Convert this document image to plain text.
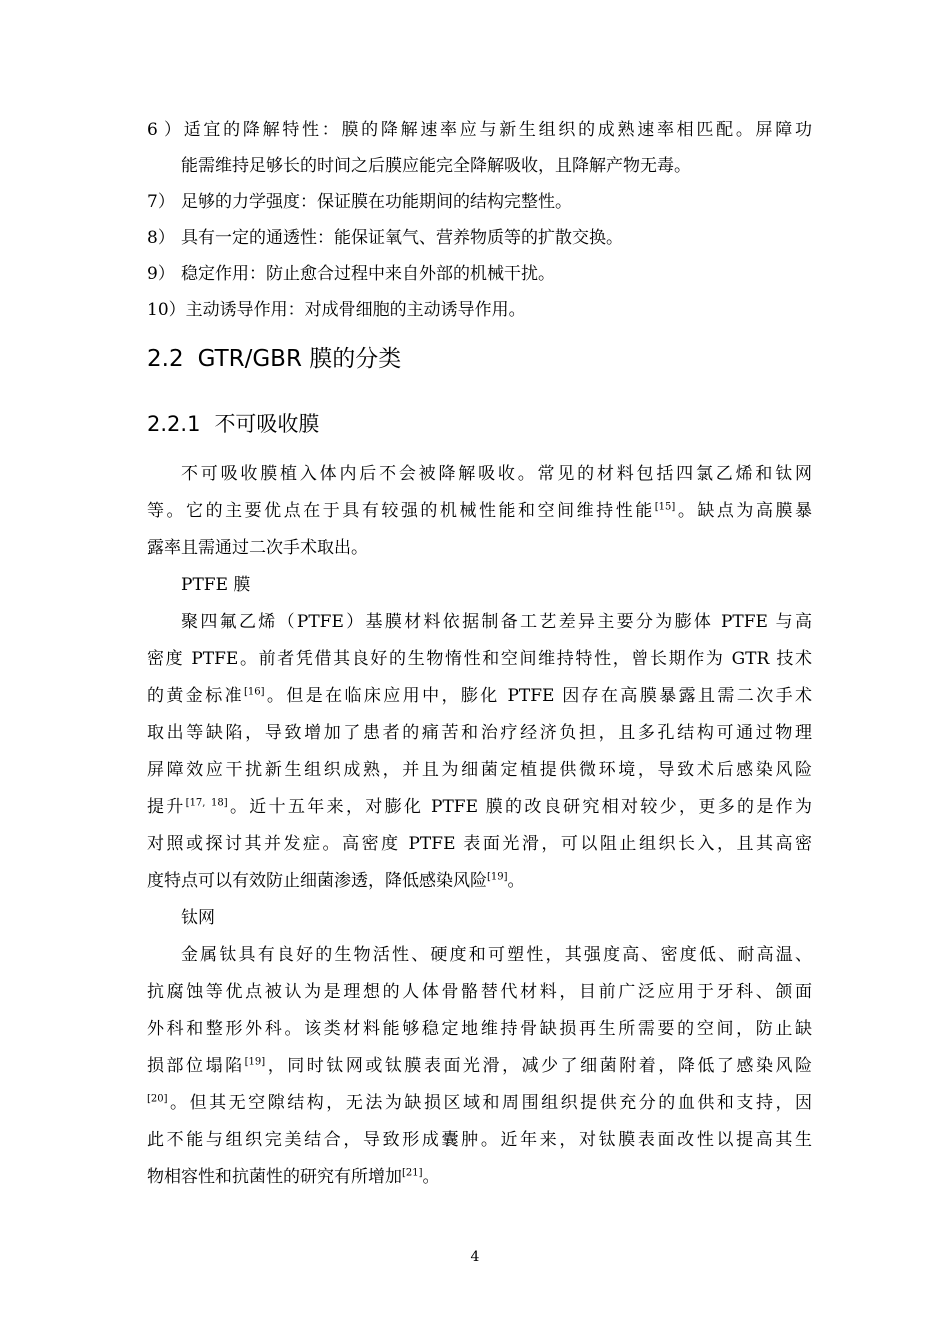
6）适宜的降解特性：膜的降解速率应与新生组织的成熟速率相匹配。屏障功
能需维持足够长的时间之后膜应能完全降解吸收，且降解产物无毒。
7） 足够的力学强度：保证膜在功能期间的结构完整性。
8） 具有一定的通透性：能保证氧气、营养物质等的扩散交换。
9） 稳定作用：防止愈合过程中来自外部的机械干扰。
10）主动诱导作用：对成骨细胞的主动诱导作用。
2.2 GTR/GBR 膜的分类
2.2.1 不可吸收膜
不可吸收膜植入体内后不会被降解吸收。常见的材料包括四氯乙烯和钛网
等。它的主要优点在于具有较强的机械性能和空间维持性能[15]。缺点为高膜暴
露率且需通过二次手术取出。
PTFE 膜
聚四氟乙烯（PTFE）基膜材料依据制备工艺差异主要分为膨体 PTFE 与高
密度 PTFE。前者凭借其良好的生物惰性和空间维持特性，曾长期作为 GTR 技术
的黄金标准[16]。但是在临床应用中，膨化 PTFE 因存在高膜暴露且需二次手术
取出等缺陷，导致增加了患者的痛苦和治疗经济负担，且多孔结构可通过物理
屏障效应干扰新生组织成熟，并且为细菌定植提供微环境，导致术后感染风险
提升[17, 18]。近十五年来，对膨化 PTFE 膜的改良研究相对较少，更多的是作为
对照或探讨其并发症。高密度 PTFE 表面光滑，可以阻止组织长入，且其高密
度特点可以有效防止细菌渗透，降低感染风险[19]。
钛网
金属钛具有良好的生物活性、硬度和可塑性，其强度高、密度低、耐高温、
抗腐蚀等优点被认为是理想的人体骨骼替代材料，目前广泛应用于牙科、颌面
外科和整形外科。该类材料能够稳定地维持骨缺损再生所需要的空间，防止缺
损部位塌陷[19]，同时钛网或钛膜表面光滑，减少了细菌附着，降低了感染风险
[20]。但其无空隙结构，无法为缺损区域和周围组织提供充分的血供和支持，因
此不能与组织完美结合，导致形成囊肿。近年来，对钛膜表面改性以提高其生
物相容性和抗菌性的研究有所增加[21]。
4
